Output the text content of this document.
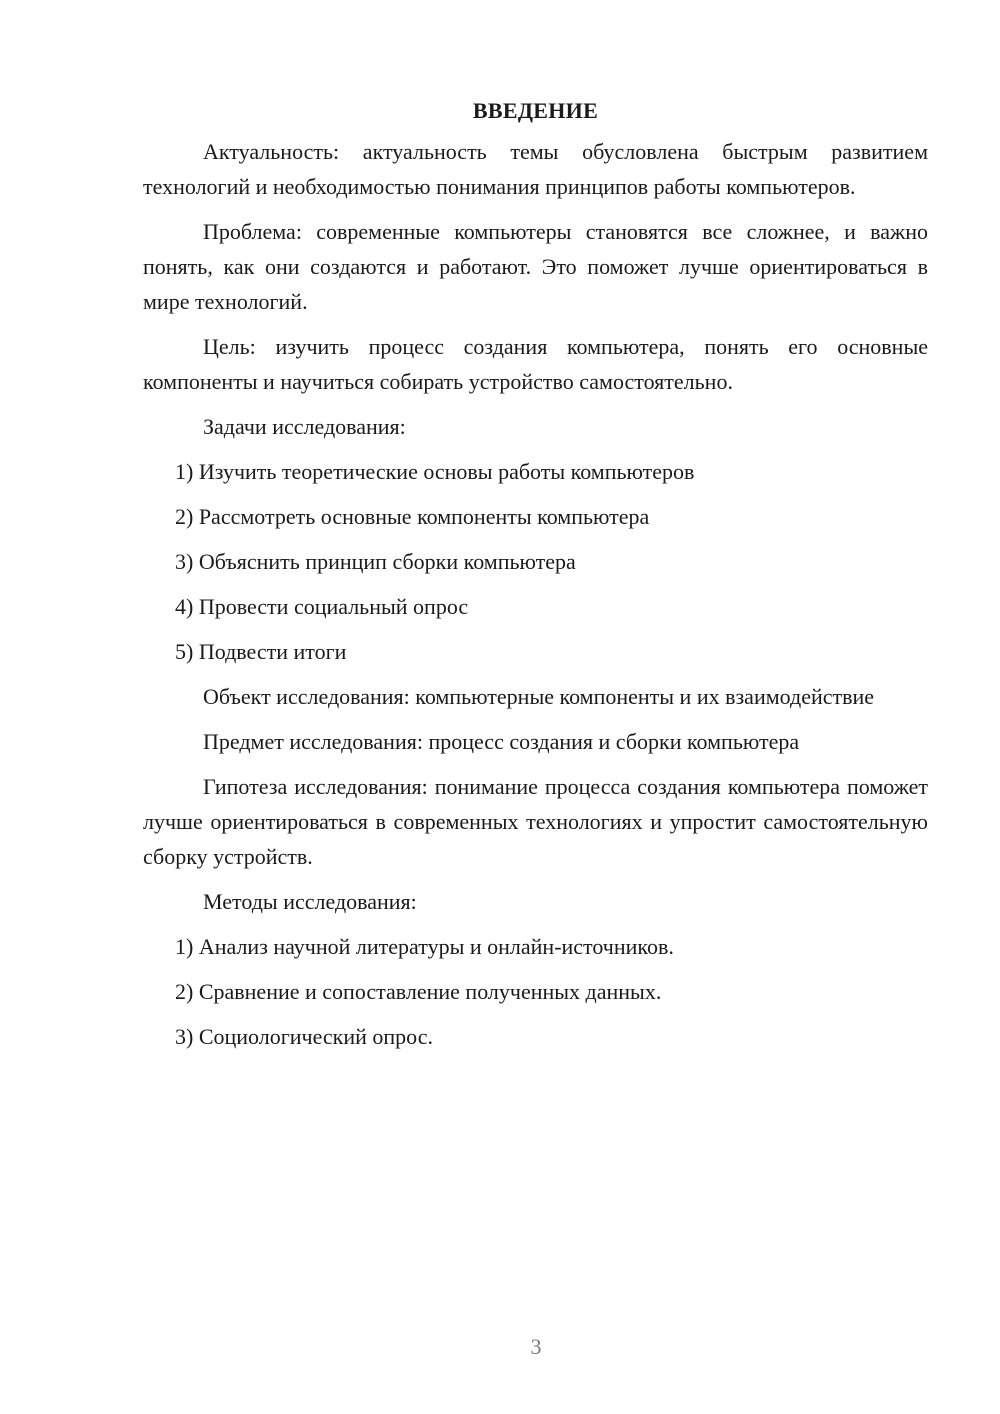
ВВЕДЕНИЕ

Актуальность: актуальность темы обусловлена быстрым развитием технологий и необходимостью понимания принципов работы компьютеров.

Проблема: современные компьютеры становятся все сложнее, и важно понять, как они создаются и работают. Это поможет лучше ориентироваться в мире технологий.

Цель: изучить процесс создания компьютера, понять его основные компоненты и научиться собирать устройство самостоятельно.

Задачи исследования:

1) Изучить теоретические основы работы компьютеров

2) Рассмотреть основные компоненты компьютера

3) Объяснить принцип сборки компьютера

4) Провести социальный опрос

5) Подвести итоги

Объект исследования: компьютерные компоненты и их взаимодействие

Предмет исследования: процесс создания и сборки компьютера

Гипотеза исследования: понимание процесса создания компьютера поможет лучше ориентироваться в современных технологиях и упростит самостоятельную сборку устройств.

Методы исследования:

1) Анализ научной литературы и онлайн-источников.

2) Сравнение и сопоставление полученных данных.

3) Социологический опрос.

3
